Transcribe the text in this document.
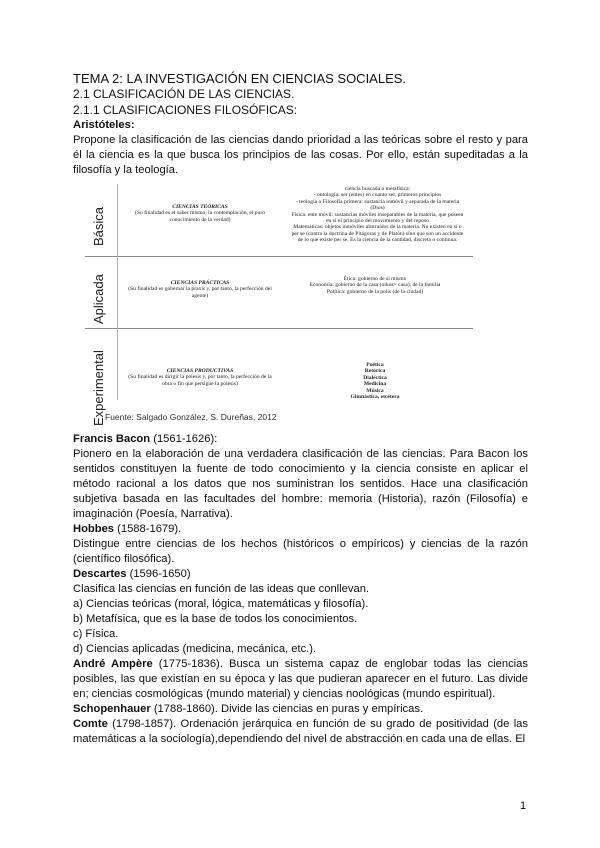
TEMA 2: LA INVESTIGACIÓN EN CIENCIAS SOCIALES.
2.1 CLASIFICACIÓN DE LAS CIENCIAS.
2.1.1 CLASIFICACIONES FILOSÓFICAS:
Aristóteles:
Propone la clasificación de las ciencias dando prioridad a las teóricas sobre el resto y para él la ciencia es la que busca los principios de las cosas. Por ello, están supeditadas a la filosofía y la teología.
Básica
Aplicada
Experimental
CIENCIAS TEÓRICAS
(Su finalidad es el saber mismo, la contemplación, el puro conocimiento de la verdad)
ciencia buscada o metafísica:
- ontología: ser (entes) en cuanto ser, primeros principios
- teología o Filosofía primera: sustancia inmóvil y separada de la materia (Dios)
Física: ente móvil: sustancias móviles inseparables de la materia, que poseen en sí el principio del movimiento y del reposo
Matemáticas: objetos inmóviles abstraídos de la materia. No existen en sí o per se (contra la doctrina de Pitágoras y de Platón) sino que son un accidente de lo que existe per se. Es la ciencia de la cantidad, discreta o continua.
CIENCIAS PRÁCTICAS
(Su finalidad es gobernar la praxis y, por tanto, la perfección del agente)
Ética: gobierno de sí mismo
Economía: gobierno de la casa (oikos= casa), de la familia
Política: gobierno de la polis (de la ciudad)
CIENCIAS PRODUCTIVAS
(Su finalidad es dirigir la poiesis y, por tanto, la perfección de la obra o fin que persigue la poiesis)
Poética
Retórica
Dialéctica
Medicina
Música
Gimnástica, etcétera
Fuente: Salgado González, S. Dureñas, 2012
Francis Bacon (1561-1626):
Pionero en la elaboración de una verdadera clasificación de las ciencias. Para Bacon los sentidos constituyen la fuente de todo conocimiento y la ciencia consiste en aplicar el método racional a los datos que nos suministran los sentidos. Hace una clasificación subjetiva basada en las facultades del hombre: memoria (Historia), razón (Filosofía) e imaginación (Poesía, Narrativa).
Hobbes (1588-1679).
Distingue entre ciencias de los hechos (históricos o empíricos) y ciencias de la razón (científico filosófica).
Descartes (1596-1650)
Clasifica las ciencias en función de las ideas que conllevan.
a) Ciencias teóricas (moral, lógica, matemáticas y filosofía).
b) Metafísica, que es la base de todos los conocimientos.
c) Física.
d) Ciencias aplicadas (medicina, mecánica, etc.).
André Ampère (1775-1836). Busca un sistema capaz de englobar todas las ciencias posibles, las que existían en su época y las que pudieran aparecer en el futuro. Las divide en; ciencias cosmológicas (mundo material) y ciencias noológicas (mundo espiritual).
Schopenhauer (1788-1860). Divide las ciencias en puras y empíricas.
Comte (1798-1857). Ordenación jerárquica en función de su grado de positividad (de las matemáticas a la sociología),dependiendo del nivel de abstracción en cada una de ellas. El
1
